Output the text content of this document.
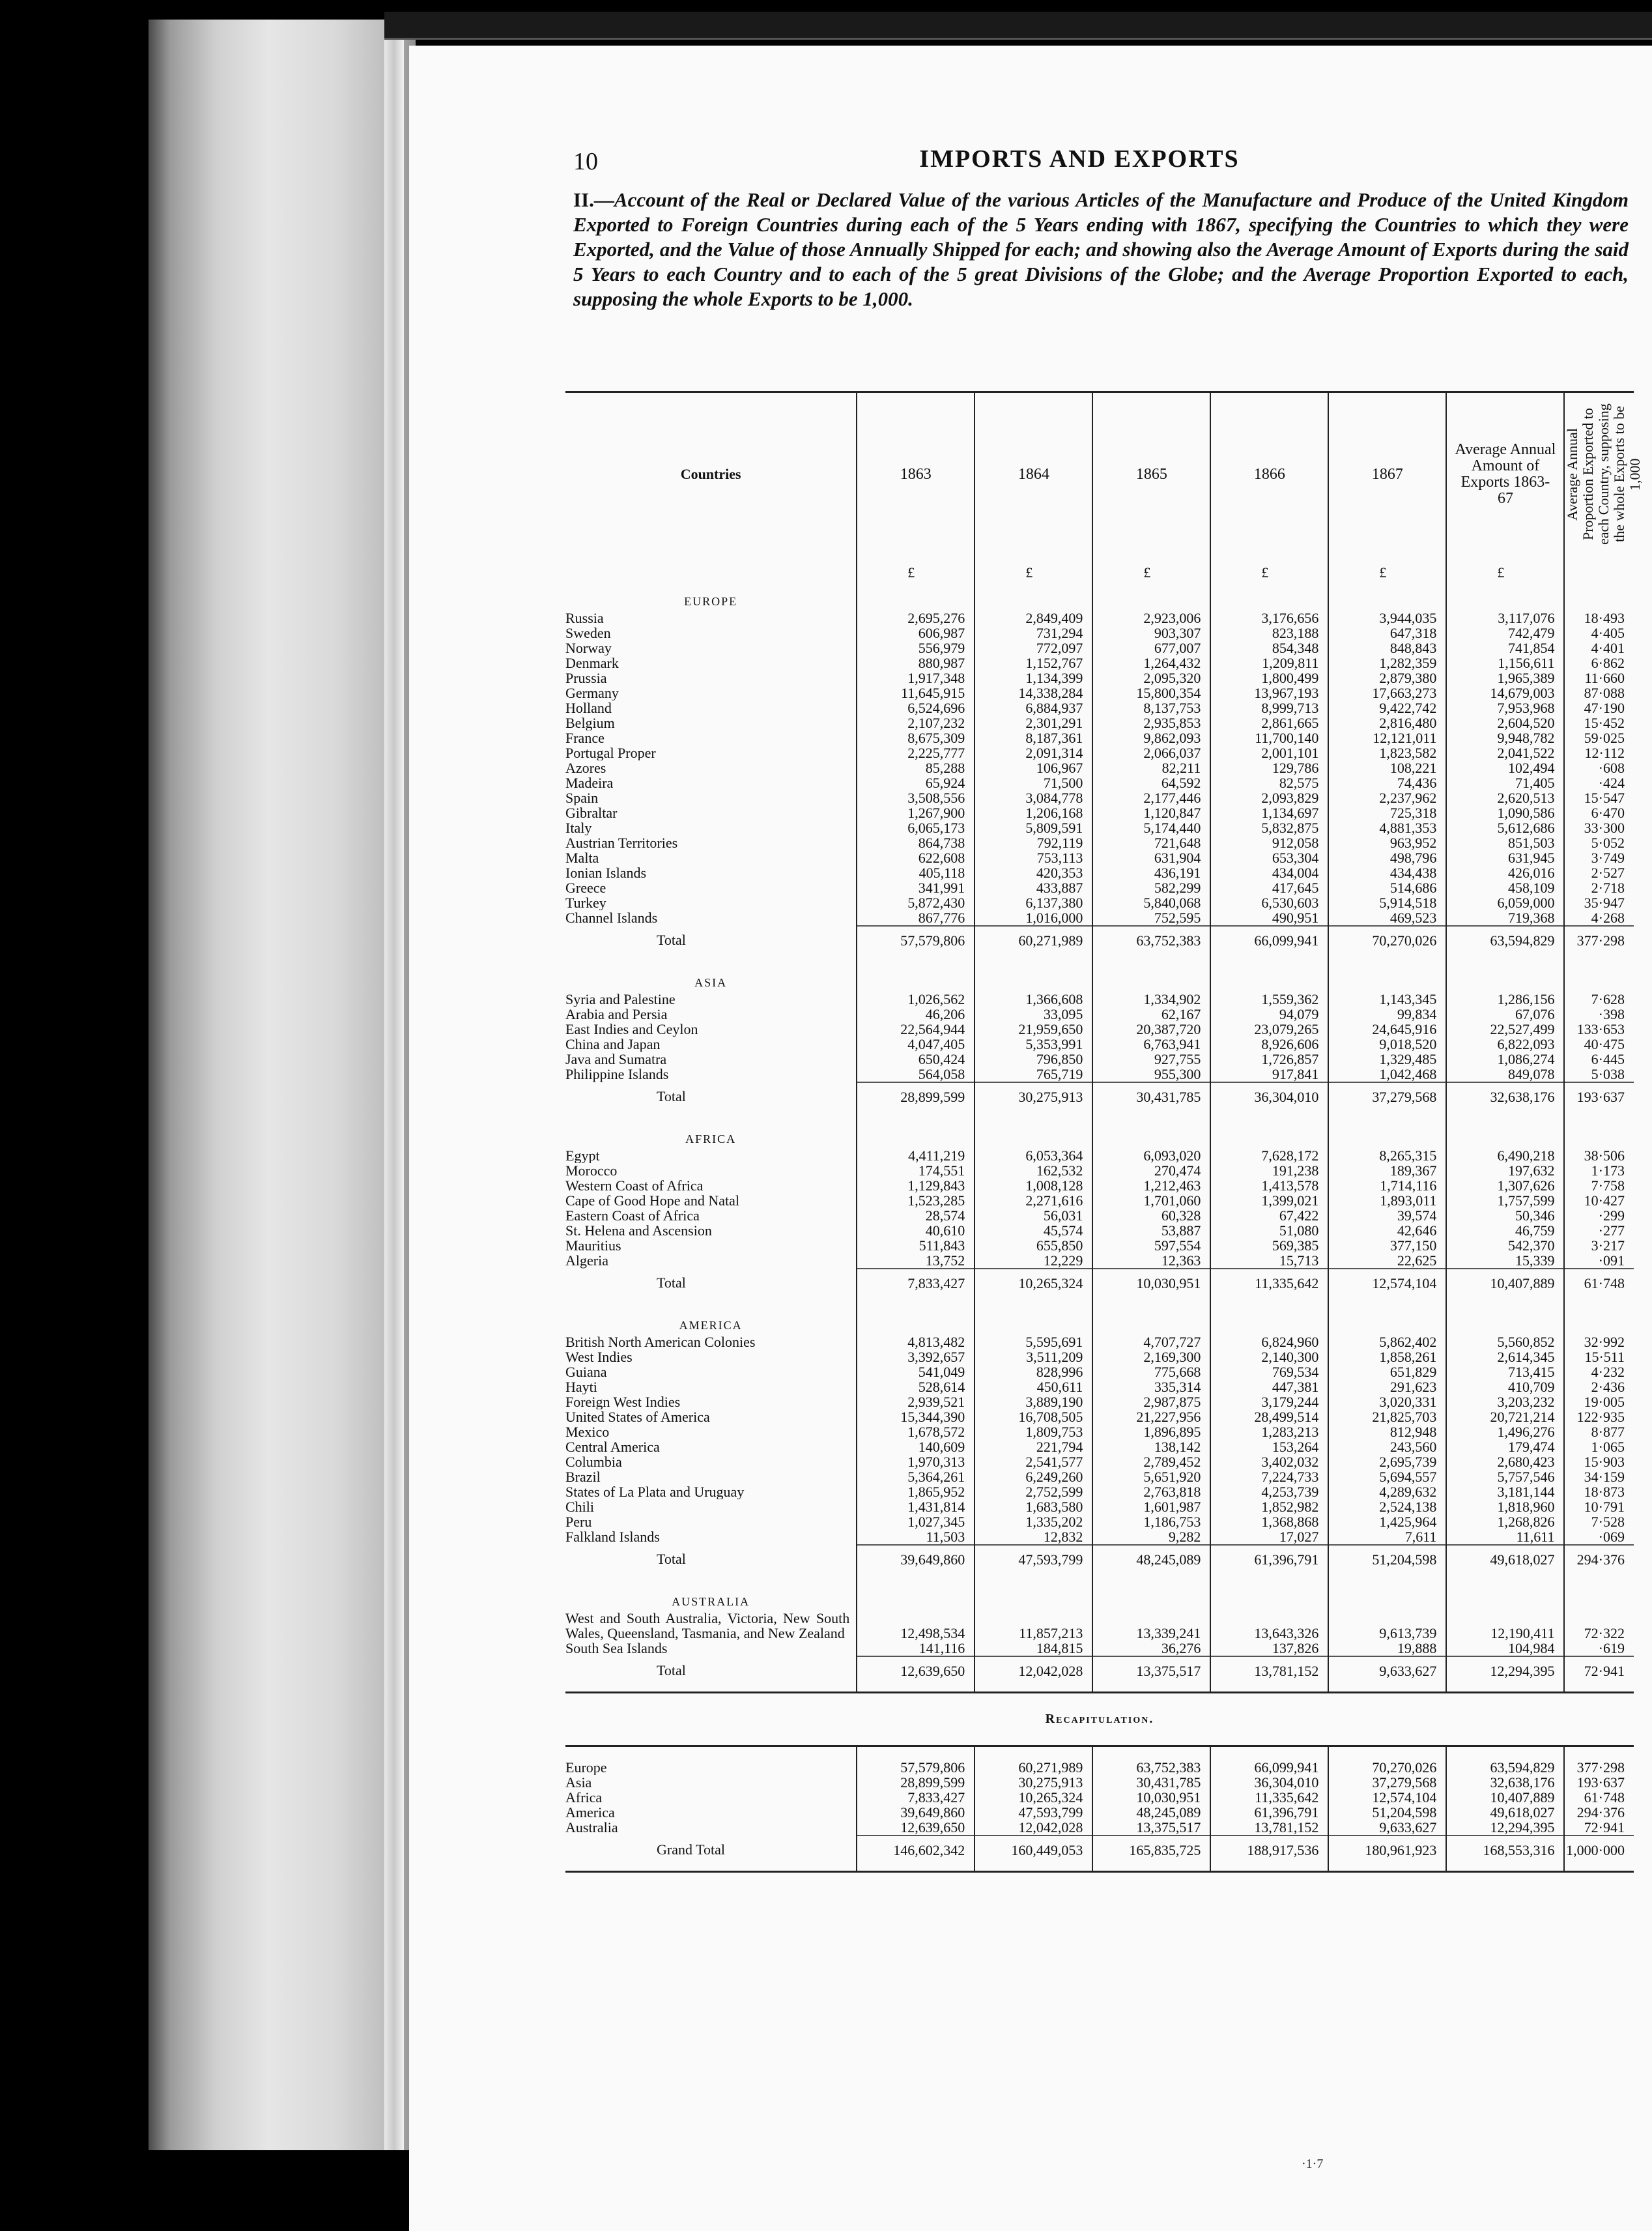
10	IMPORTS AND EXPORTS
II.—Account of the Real or Declared Value of the various Articles of the Manufacture and Produce of the United Kingdom Exported to Foreign Countries during each of the 5 Years ending with 1867, specifying the Countries to which they were Exported, and the Value of those Annually Shipped for each; and showing also the Average Amount of Exports during the said 5 Years to each Country and to each of the 5 great Divisions of the Globe; and the Average Proportion Exported to each, supposing the whole Exports to be 1,000.
Countries	1863	1864	1865	1866	1867	Average Annual Amount of Exports 1863-67	Average Annual Proportion Exported to each Country, supposing the whole Exports to be 1,000

	£	£	£	£	£	£	
EUROPE							
Russia	2,695,276	2,849,409	2,923,006	3,176,656	3,944,035	3,117,076	18·493
Sweden	606,987	731,294	903,307	823,188	647,318	742,479	4·405
Norway	556,979	772,097	677,007	854,348	848,843	741,854	4·401
Denmark	880,987	1,152,767	1,264,432	1,209,811	1,282,359	1,156,611	6·862
Prussia	1,917,348	1,134,399	2,095,320	1,800,499	2,879,380	1,965,389	11·660
Germany	11,645,915	14,338,284	15,800,354	13,967,193	17,663,273	14,679,003	87·088
Holland	6,524,696	6,884,937	8,137,753	8,999,713	9,422,742	7,953,968	47·190
Belgium	2,107,232	2,301,291	2,935,853	2,861,665	2,816,480	2,604,520	15·452
France	8,675,309	8,187,361	9,862,093	11,700,140	12,121,011	9,948,782	59·025
Portugal Proper	2,225,777	2,091,314	2,066,037	2,001,101	1,823,582	2,041,522	12·112
Azores	85,288	106,967	82,211	129,786	108,221	102,494	·608
Madeira	65,924	71,500	64,592	82,575	74,436	71,405	·424
Spain	3,508,556	3,084,778	2,177,446	2,093,829	2,237,962	2,620,513	15·547
Gibraltar	1,267,900	1,206,168	1,120,847	1,134,697	725,318	1,090,586	6·470
Italy	6,065,173	5,809,591	5,174,440	5,832,875	4,881,353	5,612,686	33·300
Austrian Territories	864,738	792,119	721,648	912,058	963,952	851,503	5·052
Malta	622,608	753,113	631,904	653,304	498,796	631,945	3·749
Ionian Islands	405,118	420,353	436,191	434,004	434,438	426,016	2·527
Greece	341,991	433,887	582,299	417,645	514,686	458,109	2·718
Turkey	5,872,430	6,137,380	5,840,068	6,530,603	5,914,518	6,059,000	35·947
Channel Islands	867,776	1,016,000	752,595	490,951	469,523	719,368	4·268
Total	57,579,806	60,271,989	63,752,383	66,099,941	70,270,026	63,594,829	377·298
ASIA							
Syria and Palestine	1,026,562	1,366,608	1,334,902	1,559,362	1,143,345	1,286,156	7·628
Arabia and Persia	46,206	33,095	62,167	94,079	99,834	67,076	·398
East Indies and Ceylon	22,564,944	21,959,650	20,387,720	23,079,265	24,645,916	22,527,499	133·653
China and Japan	4,047,405	5,353,991	6,763,941	8,926,606	9,018,520	6,822,093	40·475
Java and Sumatra	650,424	796,850	927,755	1,726,857	1,329,485	1,086,274	6·445
Philippine Islands	564,058	765,719	955,300	917,841	1,042,468	849,078	5·038
Total	28,899,599	30,275,913	30,431,785	36,304,010	37,279,568	32,638,176	193·637
AFRICA							
Egypt	4,411,219	6,053,364	6,093,020	7,628,172	8,265,315	6,490,218	38·506
Morocco	174,551	162,532	270,474	191,238	189,367	197,632	1·173
Western Coast of Africa	1,129,843	1,008,128	1,212,463	1,413,578	1,714,116	1,307,626	7·758
Cape of Good Hope and Natal	1,523,285	2,271,616	1,701,060	1,399,021	1,893,011	1,757,599	10·427
Eastern Coast of Africa	28,574	56,031	60,328	67,422	39,574	50,346	·299
St. Helena and Ascension	40,610	45,574	53,887	51,080	42,646	46,759	·277
Mauritius	511,843	655,850	597,554	569,385	377,150	542,370	3·217
Algeria	13,752	12,229	12,363	15,713	22,625	15,339	·091
Total	7,833,427	10,265,324	10,030,951	11,335,642	12,574,104	10,407,889	61·748
AMERICA							
British North American Colonies	4,813,482	5,595,691	4,707,727	6,824,960	5,862,402	5,560,852	32·992
West Indies	3,392,657	3,511,209	2,169,300	2,140,300	1,858,261	2,614,345	15·511
Guiana	541,049	828,996	775,668	769,534	651,829	713,415	4·232
Hayti	528,614	450,611	335,314	447,381	291,623	410,709	2·436
Foreign West Indies	2,939,521	3,889,190	2,987,875	3,179,244	3,020,331	3,203,232	19·005
United States of America	15,344,390	16,708,505	21,227,956	28,499,514	21,825,703	20,721,214	122·935
Mexico	1,678,572	1,809,753	1,896,895	1,283,213	812,948	1,496,276	8·877
Central America	140,609	221,794	138,142	153,264	243,560	179,474	1·065
Columbia	1,970,313	2,541,577	2,789,452	3,402,032	2,695,739	2,680,423	15·903
Brazil	5,364,261	6,249,260	5,651,920	7,224,733	5,694,557	5,757,546	34·159
States of La Plata and Uruguay	1,865,952	2,752,599	2,763,818	4,253,739	4,289,632	3,181,144	18·873
Chili	1,431,814	1,683,580	1,601,987	1,852,982	2,524,138	1,818,960	10·791
Peru	1,027,345	1,335,202	1,186,753	1,368,868	1,425,964	1,268,826	7·528
Falkland Islands	11,503	12,832	9,282	17,027	7,611	11,611	·069
Total	39,649,860	47,593,799	48,245,089	61,396,791	51,204,598	49,618,027	294·376
AUSTRALIA							
West and South Australia, Victoria, New South Wales, Queensland, Tasmania, and New Zealand	12,498,534	11,857,213	13,339,241	13,643,326	9,613,739	12,190,411	72·322
South Sea Islands	141,116	184,815	36,276	137,826	19,888	104,984	·619
Total	12,639,650	12,042,028	13,375,517	13,781,152	9,633,627	12,294,395	72·941
Recapitulation.							

Europe	57,579,806	60,271,989	63,752,383	66,099,941	70,270,026	63,594,829	377·298
Asia	28,899,599	30,275,913	30,431,785	36,304,010	37,279,568	32,638,176	193·637
Africa	7,833,427	10,265,324	10,030,951	11,335,642	12,574,104	10,407,889	61·748
America	39,649,860	47,593,799	48,245,089	61,396,791	51,204,598	49,618,027	294·376
Australia	12,639,650	12,042,028	13,375,517	13,781,152	9,633,627	12,294,395	72·941
Grand Total	146,602,342	160,449,053	165,835,725	188,917,536	180,961,923	168,553,316	1,000·000
·1·7
